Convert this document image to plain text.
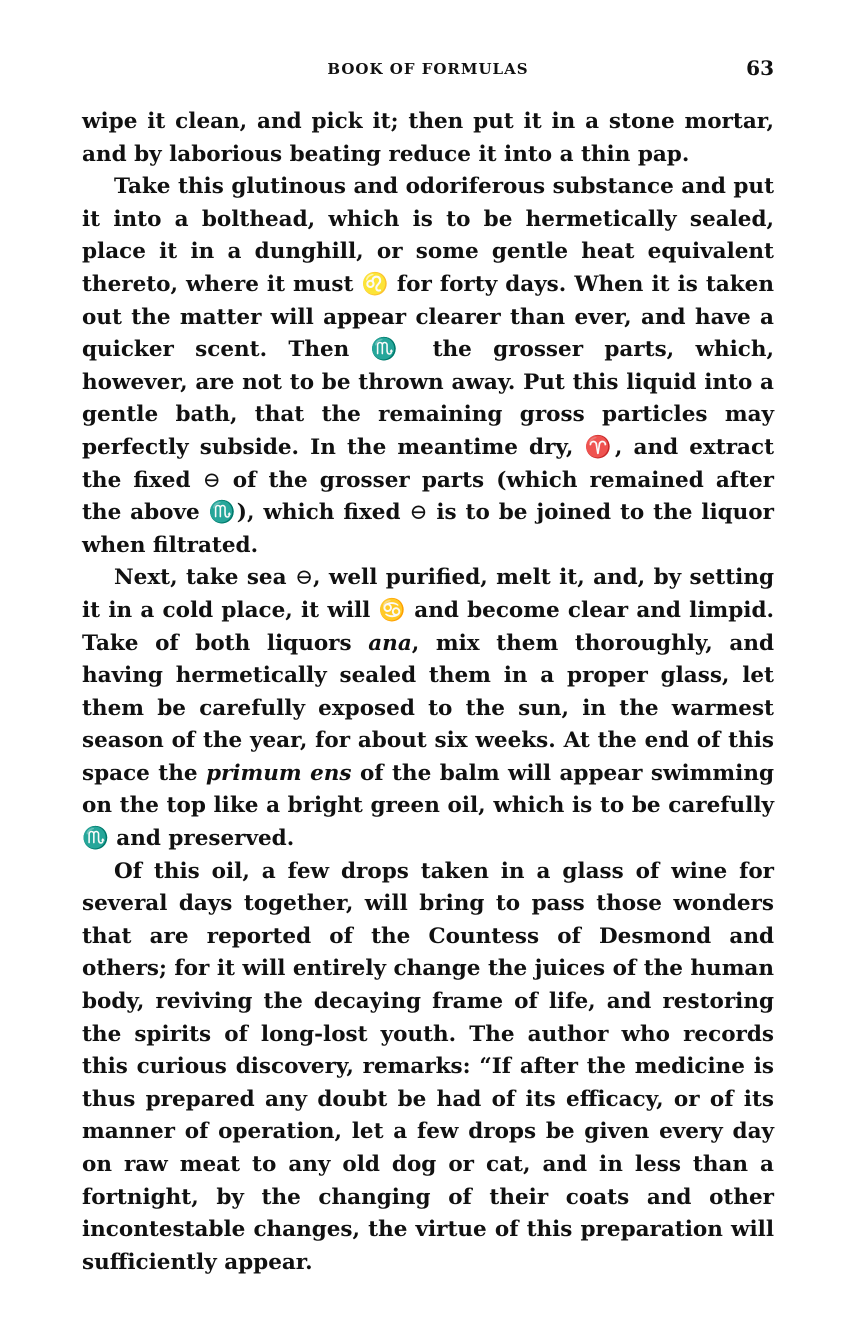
BOOK OF FORMULAS	63

wipe it clean, and pick it; then put it in a stone mortar, and by laborious beating reduce it into a thin pap.

Take this glutinous and odoriferous substance and put it into a bolthead, which is to be hermetically sealed, place it in a dunghill, or some gentle heat equivalent thereto, where it must ♌ for forty days. When it is taken out the matter will appear clearer than ever, and have a quicker scent. Then ♏ the grosser parts, which, however, are not to be thrown away. Put this liquid into a gentle bath, that the remaining gross particles may perfectly subside. In the meantime dry, ♈, and extract the fixed ⊖ of the grosser parts (which remained after the above ♏), which fixed ⊖ is to be joined to the liquor when filtrated.

Next, take sea ⊖, well purified, melt it, and, by setting it in a cold place, it will ♋ and become clear and limpid. Take of both liquors ana, mix them thoroughly, and having hermetically sealed them in a proper glass, let them be carefully exposed to the sun, in the warmest season of the year, for about six weeks. At the end of this space the primum ens of the balm will appear swimming on the top like a bright green oil, which is to be carefully ♏ and preserved.

Of this oil, a few drops taken in a glass of wine for several days together, will bring to pass those wonders that are reported of the Countess of Desmond and others; for it will entirely change the juices of the human body, reviving the decaying frame of life, and restoring the spirits of long-lost youth. The author who records this curious discovery, remarks: “If after the medicine is thus prepared any doubt be had of its efficacy, or of its manner of operation, let a few drops be given every day on raw meat to any old dog or cat, and in less than a fortnight, by the changing of their coats and other incontestable changes, the virtue of this preparation will sufficiently appear.
